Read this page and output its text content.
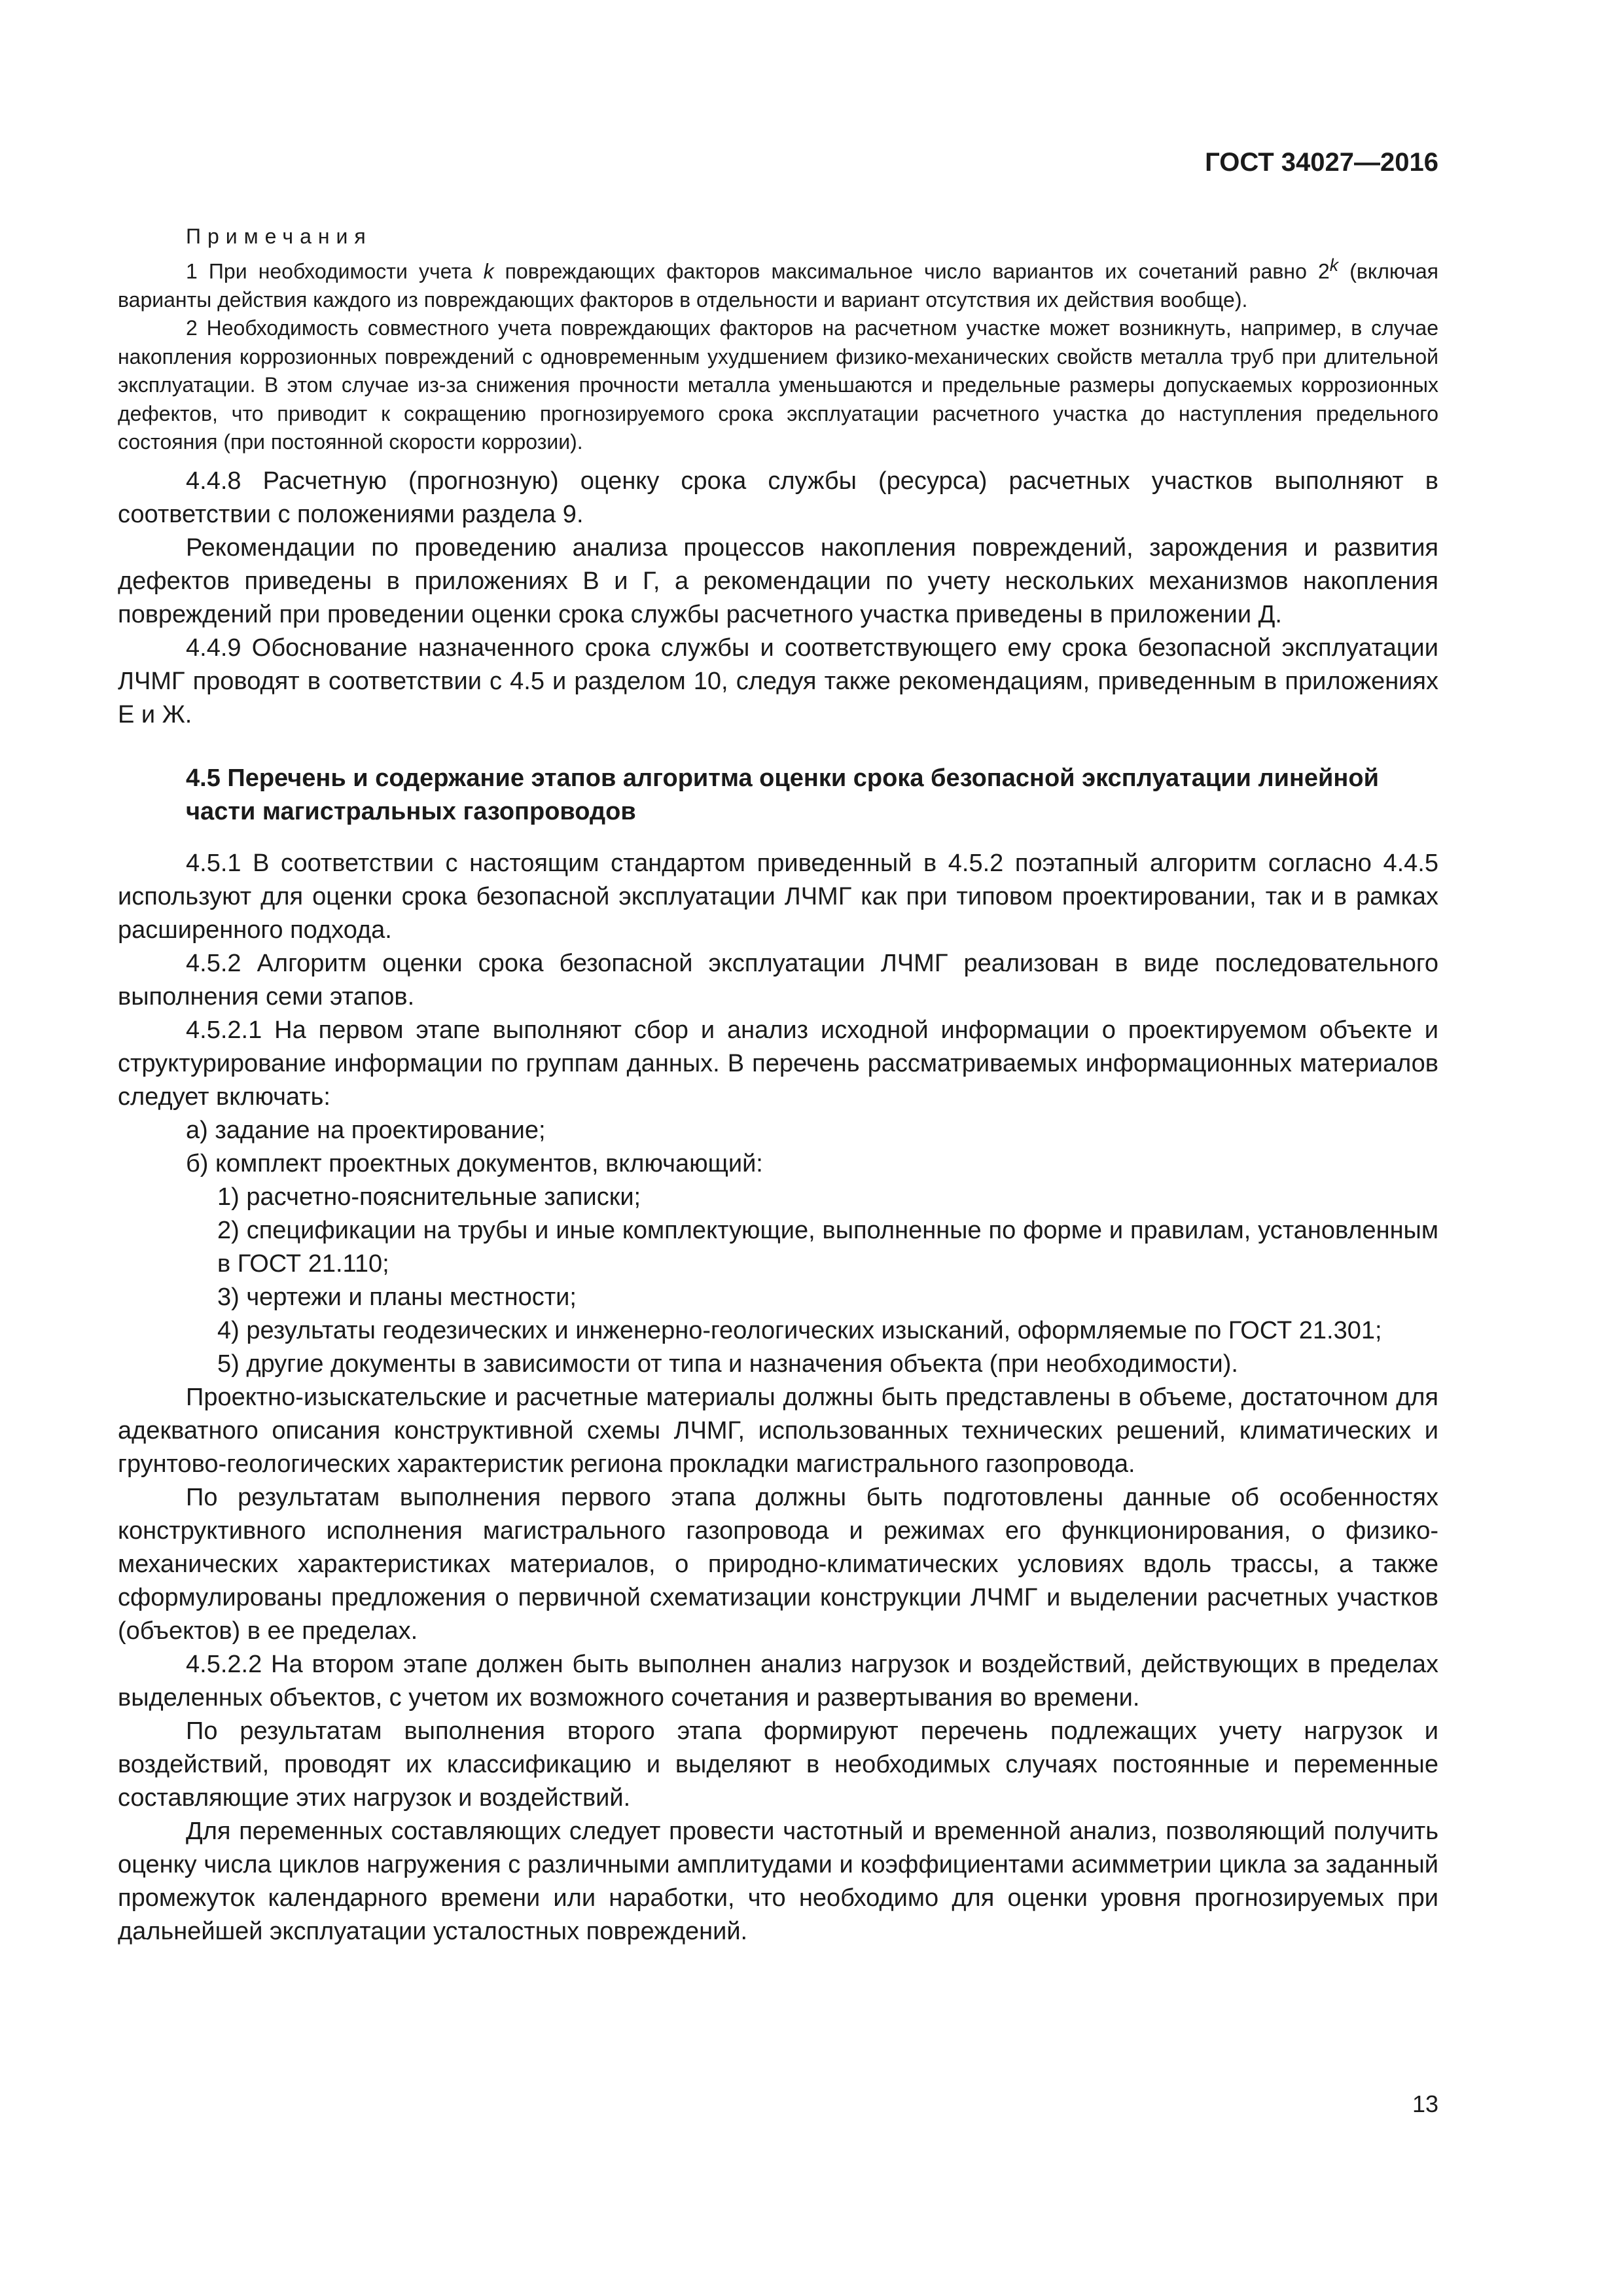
ГОСТ 34027—2016

Примечания

1 При необходимости учета k повреждающих факторов максимальное число вариантов их сочетаний равно 2$^k$ (включая варианты действия каждого из повреждающих факторов в отдельности и вариант отсутствия их действия вообще).

2 Необходимость совместного учета повреждающих факторов на расчетном участке может возникнуть, например, в случае накопления коррозионных повреждений с одновременным ухудшением физико-механических свойств металла труб при длительной эксплуатации. В этом случае из-за снижения прочности металла уменьшаются и предельные размеры допускаемых коррозионных дефектов, что приводит к сокращению прогнозируемого срока эксплуатации расчетного участка до наступления предельного состояния (при постоянной скорости коррозии).

4.4.8 Расчетную (прогнозную) оценку срока службы (ресурса) расчетных участков выполняют в соответствии с положениями раздела 9.

Рекомендации по проведению анализа процессов накопления повреждений, зарождения и развития дефектов приведены в приложениях В и Г, а рекомендации по учету нескольких механизмов накопления повреждений при проведении оценки срока службы расчетного участка приведены в приложении Д.

4.4.9 Обоснование назначенного срока службы и соответствующего ему срока безопасной эксплуатации ЛЧМГ проводят в соответствии с 4.5 и разделом 10, следуя также рекомендациям, приведенным в приложениях Е и Ж.

4.5 Перечень и содержание этапов алгоритма оценки срока безопасной эксплуатации линейной части магистральных газопроводов

4.5.1 В соответствии с настоящим стандартом приведенный в 4.5.2 поэтапный алгоритм согласно 4.4.5 используют для оценки срока безопасной эксплуатации ЛЧМГ как при типовом проектировании, так и в рамках расширенного подхода.

4.5.2 Алгоритм оценки срока безопасной эксплуатации ЛЧМГ реализован в виде последовательного выполнения семи этапов.

4.5.2.1 На первом этапе выполняют сбор и анализ исходной информации о проектируемом объекте и структурирование информации по группам данных. В перечень рассматриваемых информационных материалов следует включать:

а) задание на проектирование;

б) комплект проектных документов, включающий:

1) расчетно-пояснительные записки;

2) спецификации на трубы и иные комплектующие, выполненные по форме и правилам, установленным в ГОСТ 21.110;

3) чертежи и планы местности;

4) результаты геодезических и инженерно-геологических изысканий, оформляемые по ГОСТ 21.301;

5) другие документы в зависимости от типа и назначения объекта (при необходимости).

Проектно-изыскательские и расчетные материалы должны быть представлены в объеме, достаточном для адекватного описания конструктивной схемы ЛЧМГ, использованных технических решений, климатических и грунтово-геологических характеристик региона прокладки магистрального газопровода.

По результатам выполнения первого этапа должны быть подготовлены данные об особенностях конструктивного исполнения магистрального газопровода и режимах его функционирования, о физико-механических характеристиках материалов, о природно-климатических условиях вдоль трассы, а также сформулированы предложения о первичной схематизации конструкции ЛЧМГ и выделении расчетных участков (объектов) в ее пределах.

4.5.2.2 На втором этапе должен быть выполнен анализ нагрузок и воздействий, действующих в пределах выделенных объектов, с учетом их возможного сочетания и развертывания во времени.

По результатам выполнения второго этапа формируют перечень подлежащих учету нагрузок и воздействий, проводят их классификацию и выделяют в необходимых случаях постоянные и переменные составляющие этих нагрузок и воздействий.

Для переменных составляющих следует провести частотный и временной анализ, позволяющий получить оценку числа циклов нагружения с различными амплитудами и коэффициентами асимметрии цикла за заданный промежуток календарного времени или наработки, что необходимо для оценки уровня прогнозируемых при дальнейшей эксплуатации усталостных повреждений.

13
